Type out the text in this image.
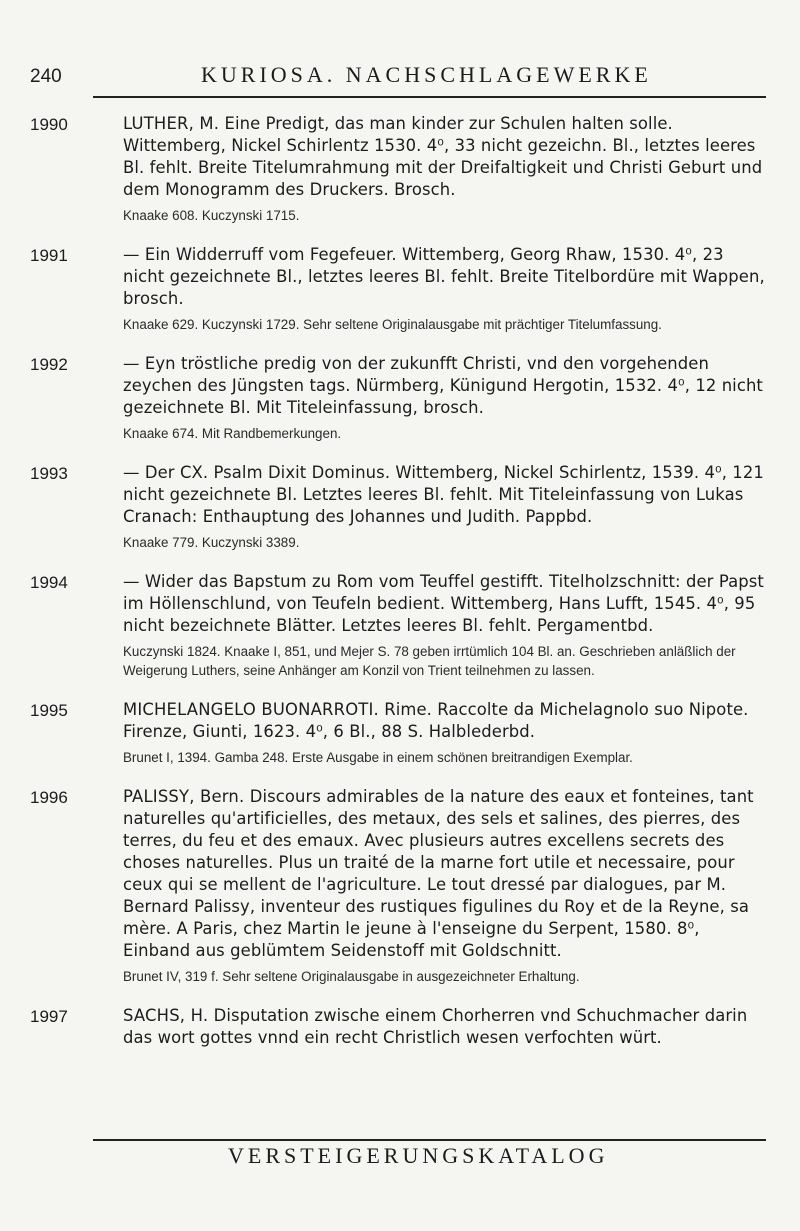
240	KURIOSA. NACHSCHLAGEWERKE
1990	LUTHER, M. Eine Predigt, das man kinder zur Schulen halten solle. Wittemberg, Nickel Schirlentz 1530. 4⁰, 33 nicht gezeichn. Bl., letztes leeres Bl. fehlt. Breite Titelumrahmung mit der Dreifaltigkeit und Christi Geburt und dem Monogramm des Druckers. Brosch.
Knaake 608. Kuczynski 1715.
1991	— Ein Widderruff vom Fegefeuer. Wittemberg, Georg Rhaw, 1530. 4⁰, 23 nicht gezeichnete Bl., letztes leeres Bl. fehlt. Breite Titelbordüre mit Wappen, brosch.
Knaake 629. Kuczynski 1729. Sehr seltene Originalausgabe mit prächtiger Titelumfassung.
1992	— Eyn tröstliche predig von der zukunfft Christi, vnd den vorgehenden zeychen des Jüngsten tags. Nürmberg, Künigund Hergotin, 1532. 4⁰, 12 nicht gezeichnete Bl. Mit Titeleinfassung, brosch.
Knaake 674. Mit Randbemerkungen.
1993	— Der CX. Psalm Dixit Dominus. Wittemberg, Nickel Schirlentz, 1539. 4⁰, 121 nicht gezeichnete Bl. Letztes leeres Bl. fehlt. Mit Titeleinfassung von Lukas Cranach: Enthauptung des Johannes und Judith. Pappbd.
Knaake 779. Kuczynski 3389.
1994	— Wider das Bapstum zu Rom vom Teuffel gestifft. Titelholzschnitt: der Papst im Höllenschlund, von Teufeln bedient. Wittemberg, Hans Lufft, 1545. 4⁰, 95 nicht bezeichnete Blätter. Letztes leeres Bl. fehlt. Pergamentbd.
Kuczynski 1824. Knaake I, 851, und Mejer S. 78 geben irrtümlich 104 Bl. an. Geschrieben anläßlich der Weigerung Luthers, seine Anhänger am Konzil von Trient teilnehmen zu lassen.
1995	MICHELANGELO BUONARROTI. Rime. Raccolte da Michelagnolo suo Nipote. Firenze, Giunti, 1623. 4⁰, 6 Bl., 88 S. Halblederbd.
Brunet I, 1394. Gamba 248. Erste Ausgabe in einem schönen breitrandigen Exemplar.
1996	PALISSY, Bern. Discours admirables de la nature des eaux et fonteines, tant naturelles qu'artificielles, des metaux, des sels et salines, des pierres, des terres, du feu et des emaux. Avec plusieurs autres excellens secrets des choses naturelles. Plus un traité de la marne fort utile et necessaire, pour ceux qui se mellent de l'agriculture. Le tout dressé par dialogues, par M. Bernard Palissy, inventeur des rustiques figulines du Roy et de la Reyne, sa mère. A Paris, chez Martin le jeune à l'enseigne du Serpent, 1580. 8⁰, Einband aus geblümtem Seidenstoff mit Goldschnitt.
Brunet IV, 319 f. Sehr seltene Originalausgabe in ausgezeichneter Erhaltung.
1997	SACHS, H. Disputation zwische einem Chorherren vnd Schuchmacher darin das wort gottes vnnd ein recht Christlich wesen verfochten würt.
VERSTEIGERUNGSKATALOG
